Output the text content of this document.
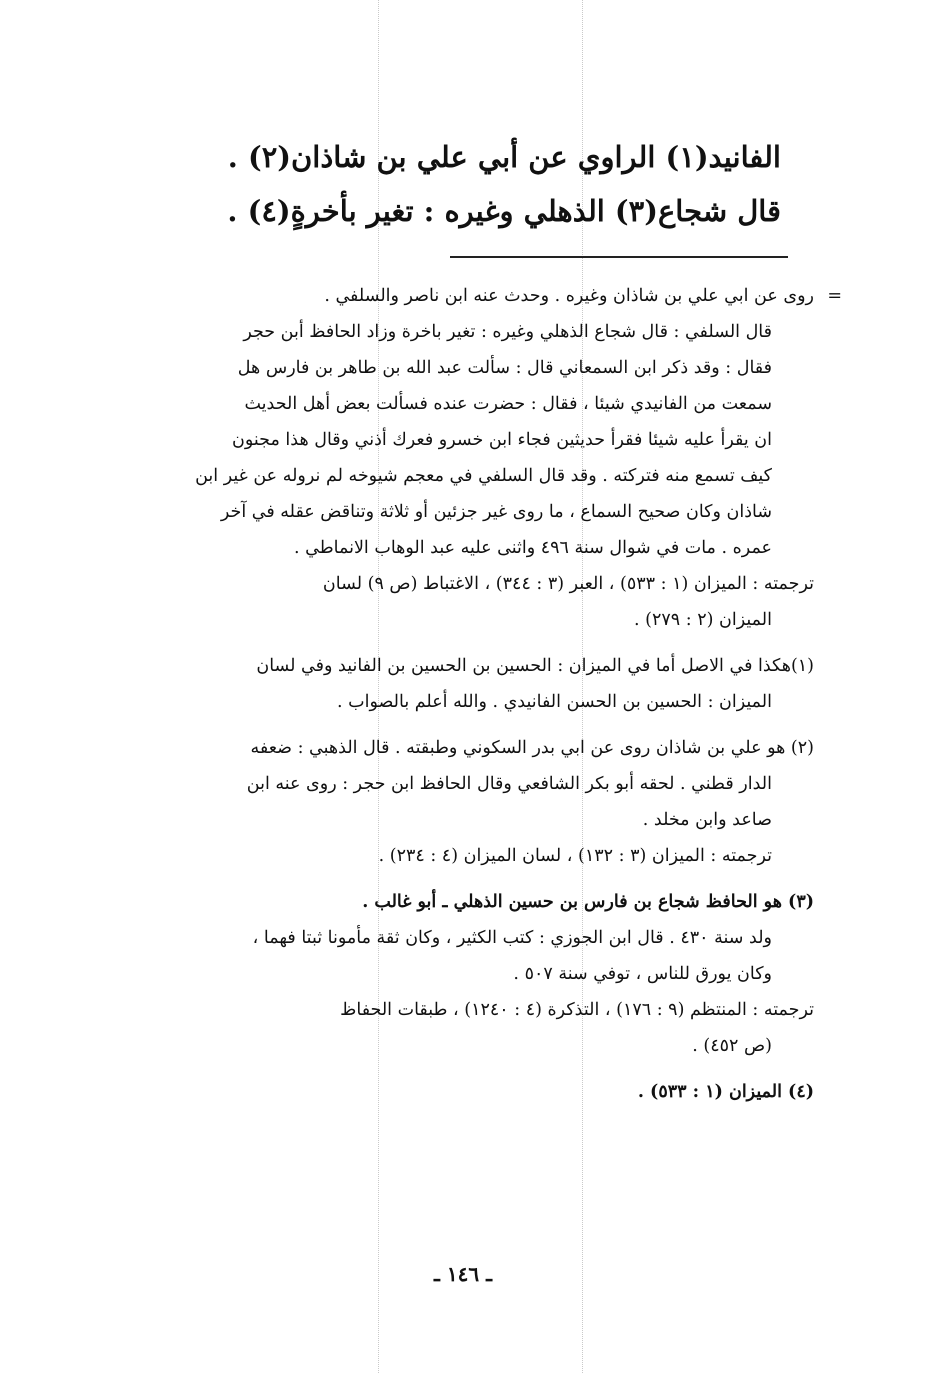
الفانيد(١) الراوي عن أبي علي بن شاذان(٢) .
قال شجاع(٣) الذهلي وغيره : تغير بأخرةٍ(٤) .
=
روى عن ابي علي بن شاذان وغيره . وحدث عنه ابن ناصر والسلفي .
قال السلفي : قال شجاع الذهلي وغيره : تغير باخرة وزاد الحافظ أبن حجر
فقال : وقد ذكر ابن السمعاني قال : سألت عبد الله بن طاهر بن فارس هل
سمعت من الفانيدي شيئا ، فقال : حضرت عنده فسألت بعض أهل الحديث
ان يقرأ عليه شيئا فقرأ حديثين فجاء ابن خسرو فعرك أذني وقال هذا مجنون
كيف تسمع منه فتركته . وقد قال السلفي في معجم شيوخه لم نروله عن غير ابن
شاذان وكان صحيح السماع ، ما روى غير جزئين أو ثلاثة وتناقض عقله في آخر
عمره . مات في شوال سنة ٤٩٦ واثنى عليه عبد الوهاب الانماطي .
ترجمته : الميزان (١ : ٥٣٣) ، العبر (٣ : ٣٤٤) ، الاغتباط (ص ٩) لسان
الميزان (٢ : ٢٧٩) .
(١)هكذا في الاصل أما في الميزان : الحسين بن الحسين بن الفانيد وفي لسان
الميزان : الحسين بن الحسن الفانيدي . والله أعلم بالصواب .
(٢) هو علي بن شاذان روى عن ابي بدر السكوني وطبقته . قال الذهبي : ضعفه
الدار قطني . لحقه أبو بكر الشافعي وقال الحافظ ابن حجر : روى عنه ابن
صاعد وابن مخلد .
ترجمته : الميزان (٣ : ١٣٢) ، لسان الميزان (٤ : ٢٣٤) .
(٣) هو الحافظ شجاع بن فارس بن حسين الذهلي ـ أبو غالب .
ولد سنة ٤٣٠ . قال ابن الجوزي : كتب الكثير ، وكان ثقة مأمونا ثبتا فهما ،
وكان يورق للناس ، توفي سنة ٥٠٧ .
ترجمته : المنتظم (٩ : ١٧٦) ، التذكرة (٤ : ١٢٤٠) ، طبقات الحفاظ
(ص ٤٥٢) .
(٤) الميزان (١ : ٥٣٣) .
ـ ١٤٦ ـ
